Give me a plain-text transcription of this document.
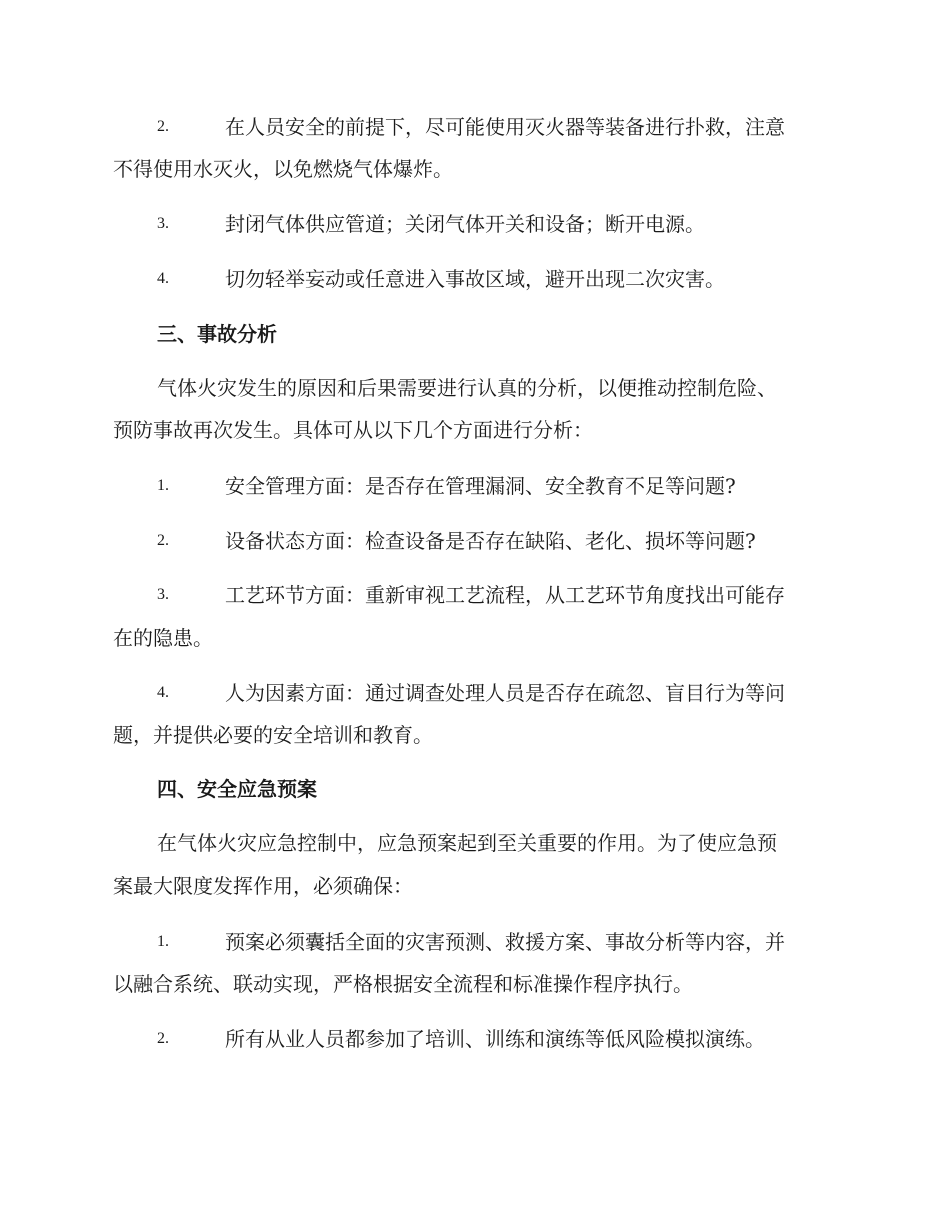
2.	在人员安全的前提下，尽可能使用灭火器等装备进行扑救，注意
不得使用水灭火，以免燃烧气体爆炸。
3.	封闭气体供应管道；关闭气体开关和设备；断开电源。
4.	切勿轻举妄动或任意进入事故区域，避开出现二次灾害。
三、事故分析
气体火灾发生的原因和后果需要进行认真的分析，以便推动控制危险、
预防事故再次发生。具体可从以下几个方面进行分析：
1.	安全管理方面：是否存在管理漏洞、安全教育不足等问题?
2.	设备状态方面：检查设备是否存在缺陷、老化、损坏等问题?
3.	工艺环节方面：重新审视工艺流程，从工艺环节角度找出可能存
在的隐患。
4.	人为因素方面：通过调查处理人员是否存在疏忽、盲目行为等问
题，并提供必要的安全培训和教育。
四、安全应急预案
在气体火灾应急控制中，应急预案起到至关重要的作用。为了使应急预
案最大限度发挥作用，必须确保：
1.	预案必须囊括全面的灾害预测、救援方案、事故分析等内容，并
以融合系统、联动实现，严格根据安全流程和标准操作程序执行。
2.	所有从业人员都参加了培训、训练和演练等低风险模拟演练。
